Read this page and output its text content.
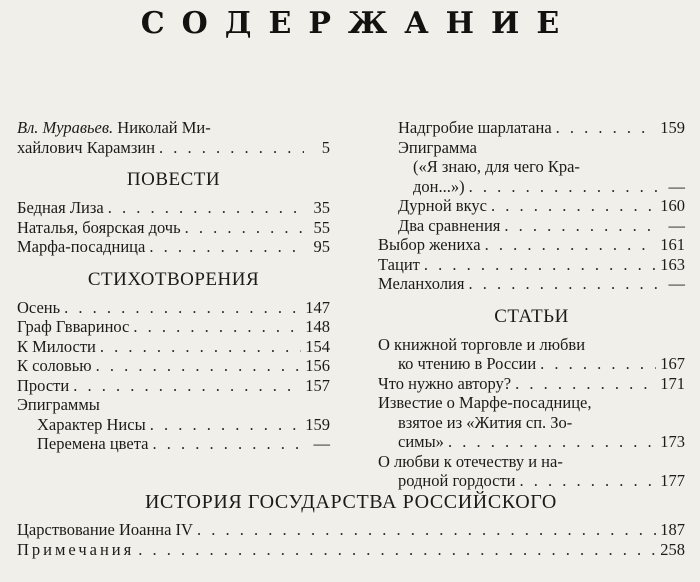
СОДЕРЖАНИЕ
Вл. Муравьев. Николай Ми-
хайлович Карамзин . . .	5
ПОВЕСТИ
Бедная Лиза . . .	35
Наталья, боярская дочь . . .	55
Марфа-посадница . . .	95
СТИХОТВОРЕНИЯ
Осень . . .	147
Граф Гвваринос . . .	148
К Милости . . .	154
К соловью . . .	156
Прости . . .	157
Эпиграммы
Характер Нисы . . .	159
Перемена цвета . . .	—
Надгробие шарлатана . . .	159
Эпиграмма
(«Я знаю, для чего Кра-
дон...») . . .	—
Дурной вкус . . .	160
Два сравнения . . .	—
Выбор жениха . . .	161
Тацит . . .	163
Меланхолия . . .	—
СТАТЬИ
О книжной торговле и любви
ко чтению в России . . .	167
Что нужно автору? . . .	171
Известие о Марфе-посаднице,
взятое из «Жития сп. Зо-
симы» . . .	173
О любви к отечеству и на-
родной гордости . . .	177
ИСТОРИЯ ГОСУДАРСТВА РОССИЙСКОГО
Царствование Иоанна IV . . .	187
Примечания . . .	258
